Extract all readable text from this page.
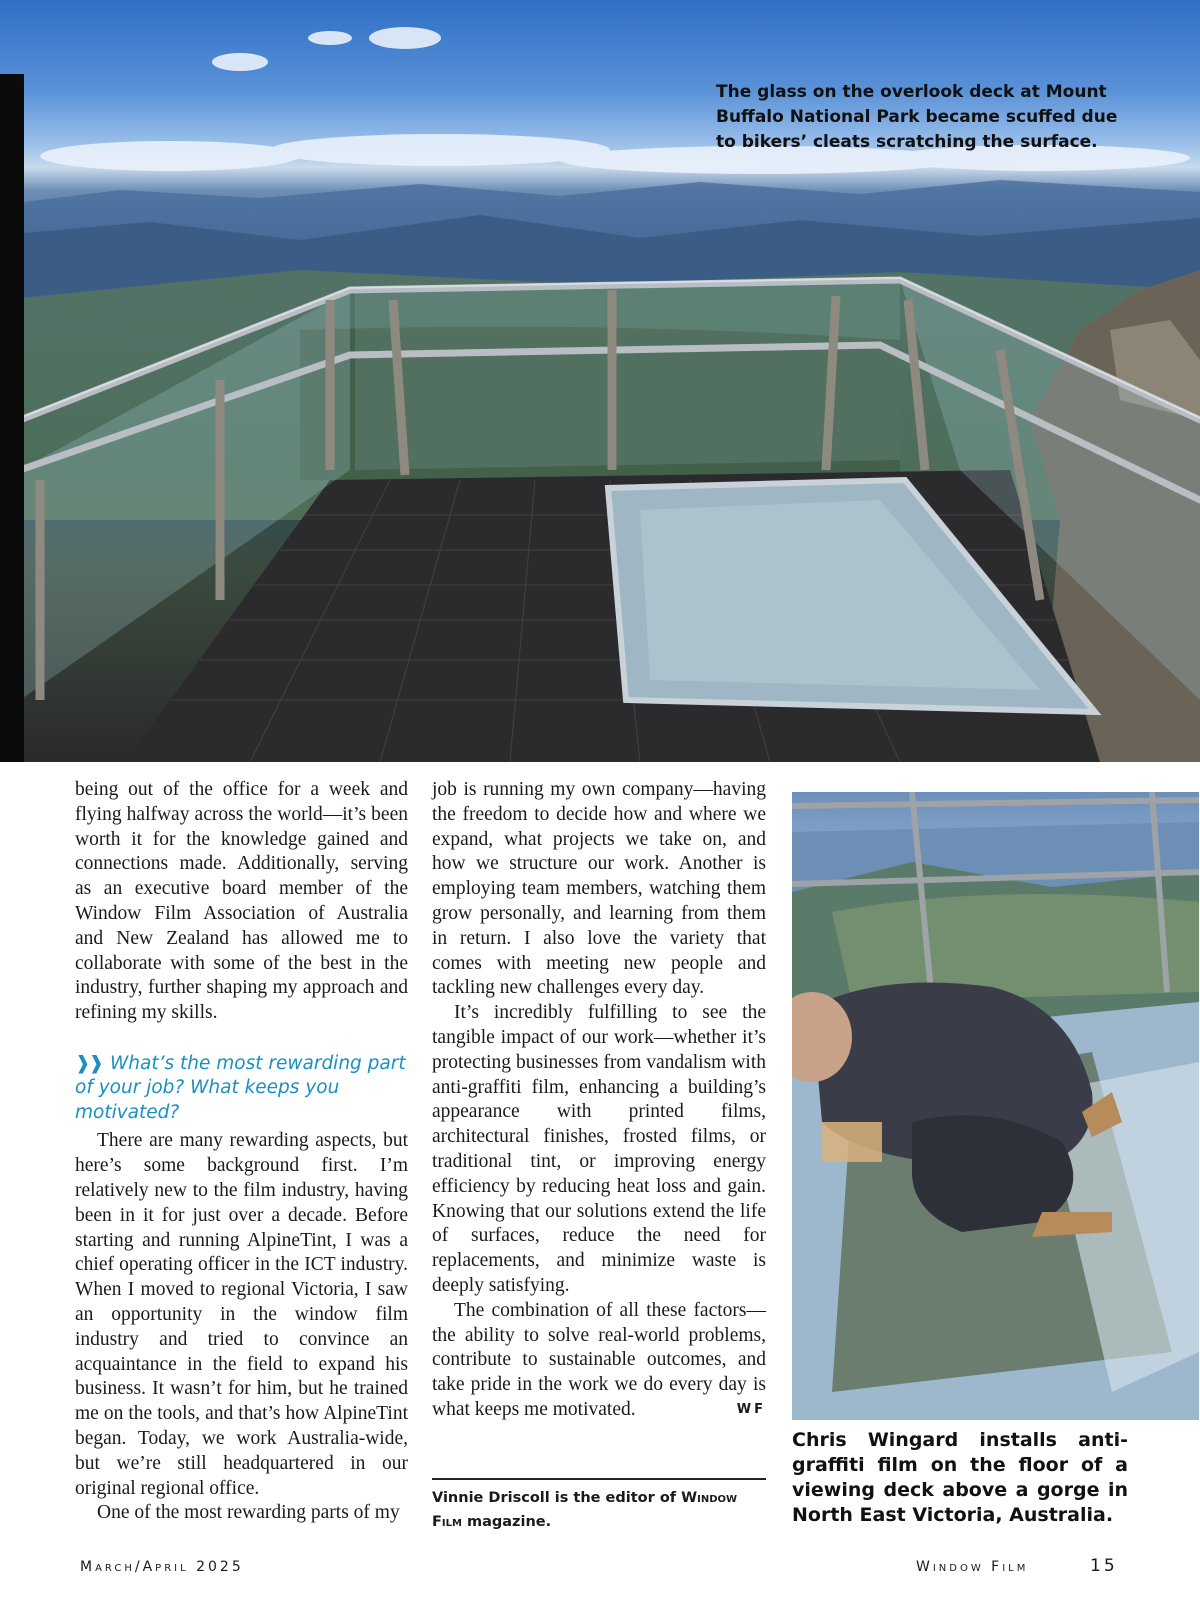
The glass on the overlook deck at Mount Buffalo National Park became scuffed due to bikers’ cleats scratching the surface.

being out of the office for a week and flying halfway across the world—it’s been worth it for the knowledge gained and connections made. Additionally, serving as an executive board member of the Window Film Association of Australia and New Zealand has allowed me to collaborate with some of the best in the industry, further shaping my approach and refining my skills.

❱❱ What’s the most rewarding part of your job? What keeps you motivated?

There are many rewarding aspects, but here’s some background first. I’m relatively new to the film industry, having been in it for just over a decade. Before starting and running AlpineTint, I was a chief operating officer in the ICT industry. When I moved to regional Victoria, I saw an opportunity in the window film industry and tried to convince an acquaintance in the field to expand his business. It wasn’t for him, but he trained me on the tools, and that’s how AlpineTint began. Today, we work Australia-wide, but we’re still headquartered in our original regional office.

One of the most rewarding parts of my

job is running my own company—having the freedom to decide how and where we expand, what projects we take on, and how we structure our work. Another is employing team members, watching them grow personally, and learning from them in return. I also love the variety that comes with meeting new people and tackling new challenges every day.

It’s incredibly fulfilling to see the tangible impact of our work—whether it’s protecting businesses from vandalism with anti-graffiti film, enhancing a building’s appearance with printed films, architectural finishes, frosted films, or traditional tint, or improving energy efficiency by reducing heat loss and gain. Knowing that our solutions extend the life of surfaces, reduce the need for replacements, and minimize waste is deeply satisfying.

The combination of all these factors—the ability to solve real-world problems, contribute to sustainable outcomes, and take pride in the work we do every day is what keeps me motivated.	WF

Vinnie Driscoll is the editor of Window Film magazine.
Chris Wingard installs anti-graffiti film on the floor of a viewing deck above a gorge in North East Victoria, Australia.
March/April 2025	Window Film	15
